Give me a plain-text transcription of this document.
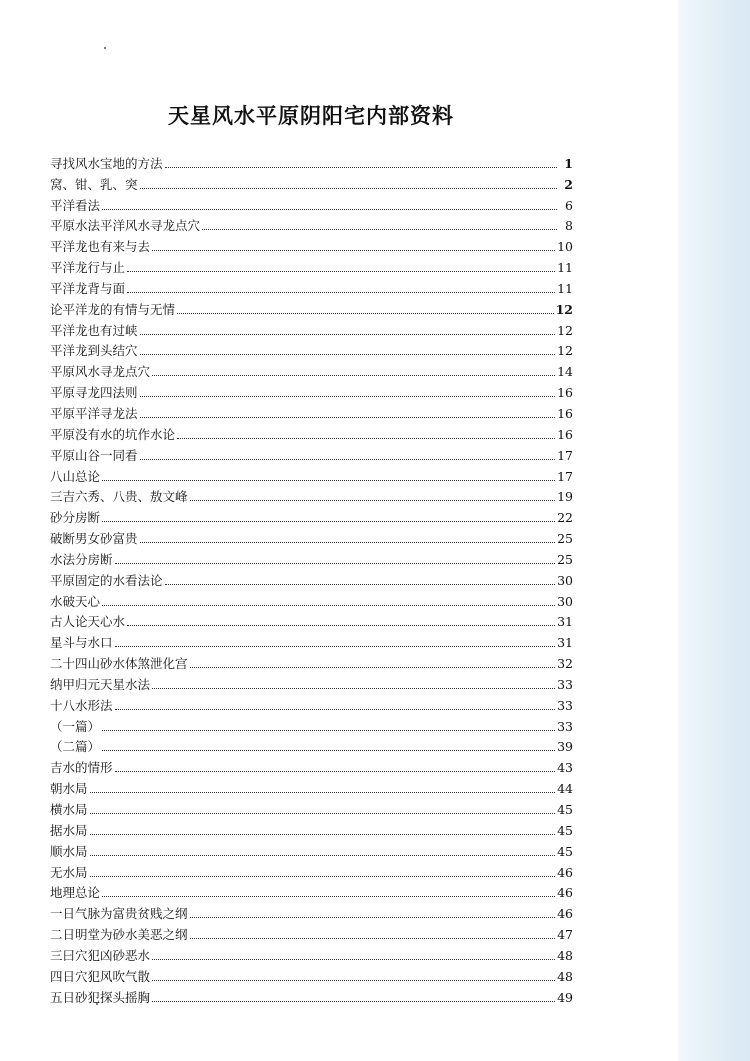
天星风水平原阴阳宅内部资料
寻找风水宝地的方法	1
窝、钳、乳、突	2
平洋看法	6
平原水法平洋风水寻龙点穴	8
平洋龙也有来与去	10
平洋龙行与止	11
平洋龙背与面	11
论平洋龙的有情与无情	12
平洋龙也有过峡	12
平洋龙到头结穴	12
平原风水寻龙点穴	14
平原寻龙四法则	16
平原平洋寻龙法	16
平原没有水的坑作水论	16
平原山谷一同看	17
八山总论	17
三吉六秀、八贵、敖文峰	19
砂分房断	22
破断男女砂富贵	25
水法分房断	25
平原固定的水看法论	30
水破天心	30
古人论天心水	31
星斗与水口	31
二十四山砂水体煞泄化宫	32
纳甲归元天星水法	33
十八水形法	33
（一篇）	33
（二篇）	39
吉水的情形	43
朝水局	44
横水局	45
据水局	45
顺水局	45
无水局	46
地理总论	46
一日气脉为富贵贫贱之纲	46
二日明堂为砂水美恶之纲	47
三曰穴犯凶砂恶水	48
四日穴犯风吹气散	48
五日砂犯探头摇胸	49
